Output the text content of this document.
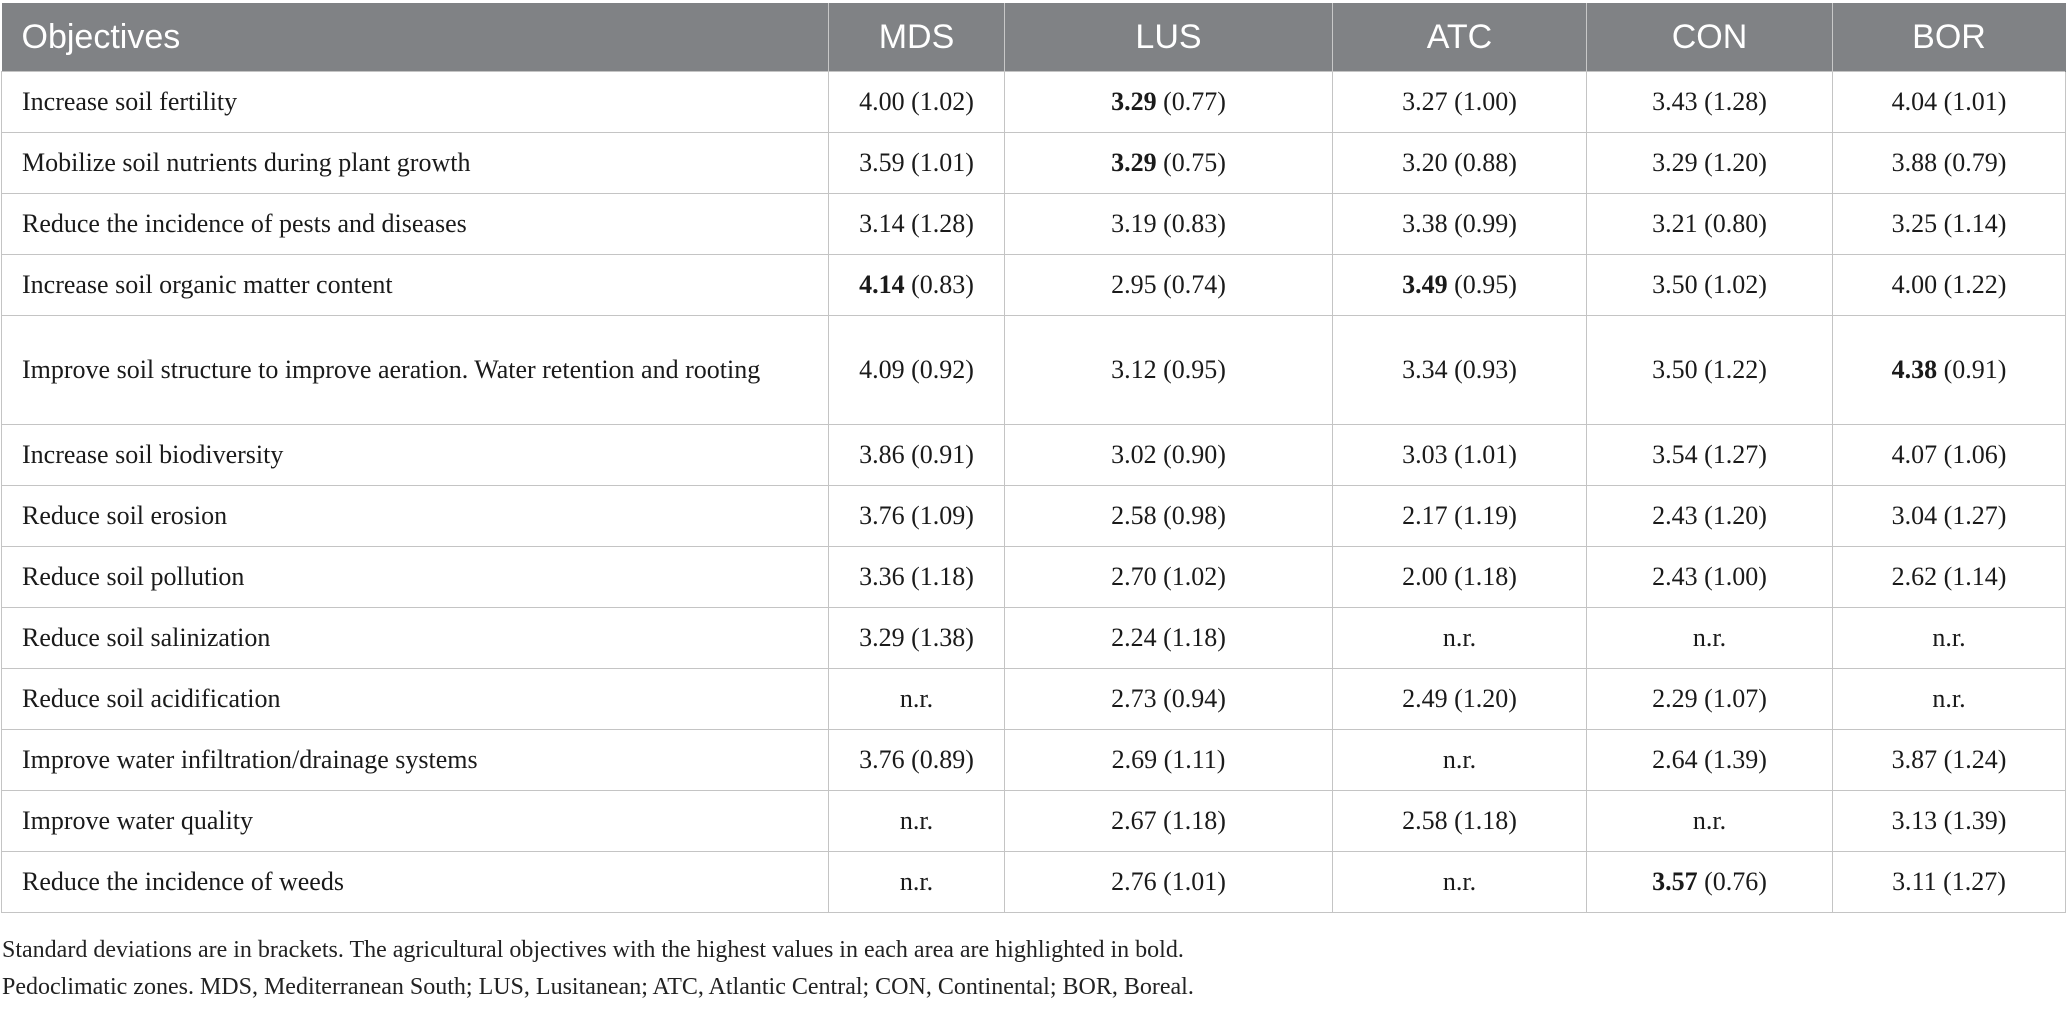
Objectives	MDS	LUS	ATC	CON	BOR
Increase soil fertility	4.00 (1.02)	3.29 (0.77)	3.27 (1.00)	3.43 (1.28)	4.04 (1.01)
Mobilize soil nutrients during plant growth	3.59 (1.01)	3.29 (0.75)	3.20 (0.88)	3.29 (1.20)	3.88 (0.79)
Reduce the incidence of pests and diseases	3.14 (1.28)	3.19 (0.83)	3.38 (0.99)	3.21 (0.80)	3.25 (1.14)
Increase soil organic matter content	4.14 (0.83)	2.95 (0.74)	3.49 (0.95)	3.50 (1.02)	4.00 (1.22)
Improve soil structure to improve aeration. Water retention and rooting	4.09 (0.92)	3.12 (0.95)	3.34 (0.93)	3.50 (1.22)	4.38 (0.91)
Increase soil biodiversity	3.86 (0.91)	3.02 (0.90)	3.03 (1.01)	3.54 (1.27)	4.07 (1.06)
Reduce soil erosion	3.76 (1.09)	2.58 (0.98)	2.17 (1.19)	2.43 (1.20)	3.04 (1.27)
Reduce soil pollution	3.36 (1.18)	2.70 (1.02)	2.00 (1.18)	2.43 (1.00)	2.62 (1.14)
Reduce soil salinization	3.29 (1.38)	2.24 (1.18)	n.r.	n.r.	n.r.
Reduce soil acidification	n.r.	2.73 (0.94)	2.49 (1.20)	2.29 (1.07)	n.r.
Improve water infiltration/drainage systems	3.76 (0.89)	2.69 (1.11)	n.r.	2.64 (1.39)	3.87 (1.24)
Improve water quality	n.r.	2.67 (1.18)	2.58 (1.18)	n.r.	3.13 (1.39)
Reduce the incidence of weeds	n.r.	2.76 (1.01)	n.r.	3.57 (0.76)	3.11 (1.27)
Standard deviations are in brackets. The agricultural objectives with the highest values in each area are highlighted in bold.
Pedoclimatic zones. MDS, Mediterranean South; LUS, Lusitanean; ATC, Atlantic Central; CON, Continental; BOR, Boreal.
